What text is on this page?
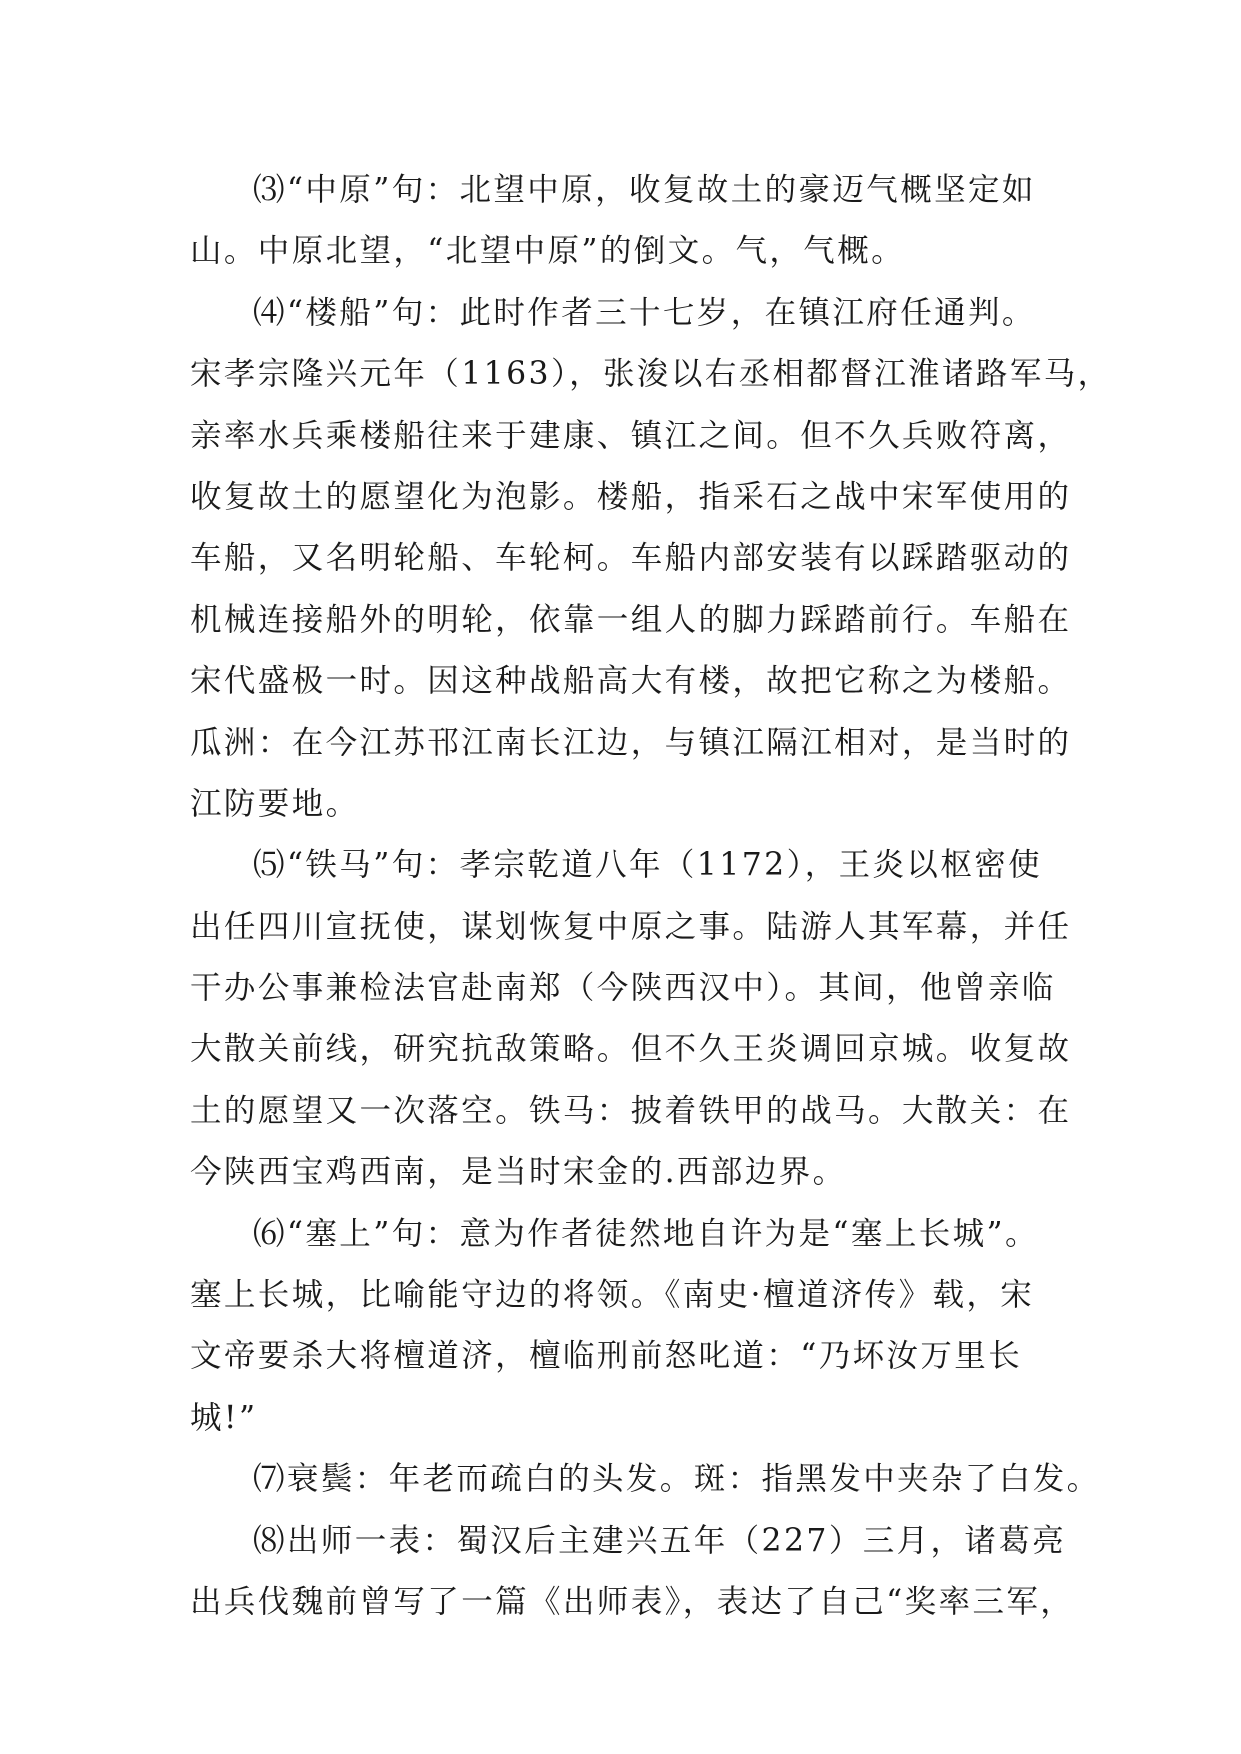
⑶“中原”句：北望中原，收复故土的豪迈气概坚定如
山。中原北望，“北望中原”的倒文。气，气概。
⑷“楼船”句：此时作者三十七岁，在镇江府任通判。
宋孝宗隆兴元年（1163），张浚以右丞相都督江淮诸路军马，
亲率水兵乘楼船往来于建康、镇江之间。但不久兵败符离，
收复故土的愿望化为泡影。楼船，指采石之战中宋军使用的
车船，又名明轮船、车轮柯。车船内部安装有以踩踏驱动的
机械连接船外的明轮，依靠一组人的脚力踩踏前行。车船在
宋代盛极一时。因这种战船高大有楼，故把它称之为楼船。
瓜洲：在今江苏邗江南长江边，与镇江隔江相对，是当时的
江防要地。
⑸“铁马”句：孝宗乾道八年（1172），王炎以枢密使
出任四川宣抚使，谋划恢复中原之事。陆游人其军幕，并任
干办公事兼检法官赴南郑（今陕西汉中）。其间，他曾亲临
大散关前线，研究抗敌策略。但不久王炎调回京城。收复故
土的愿望又一次落空。铁马：披着铁甲的战马。大散关：在
今陕西宝鸡西南，是当时宋金的.西部边界。
⑹“塞上”句：意为作者徒然地自许为是“塞上长城”。
塞上长城，比喻能守边的将领。《南史·檀道济传》载，宋
文帝要杀大将檀道济，檀临刑前怒叱道：“乃坏汝万里长
城!”
⑺衰鬓：年老而疏白的头发。斑：指黑发中夹杂了白发。
⑻出师一表：蜀汉后主建兴五年（227）三月，诸葛亮
出兵伐魏前曾写了一篇《出师表》，表达了自己“奖率三军，
